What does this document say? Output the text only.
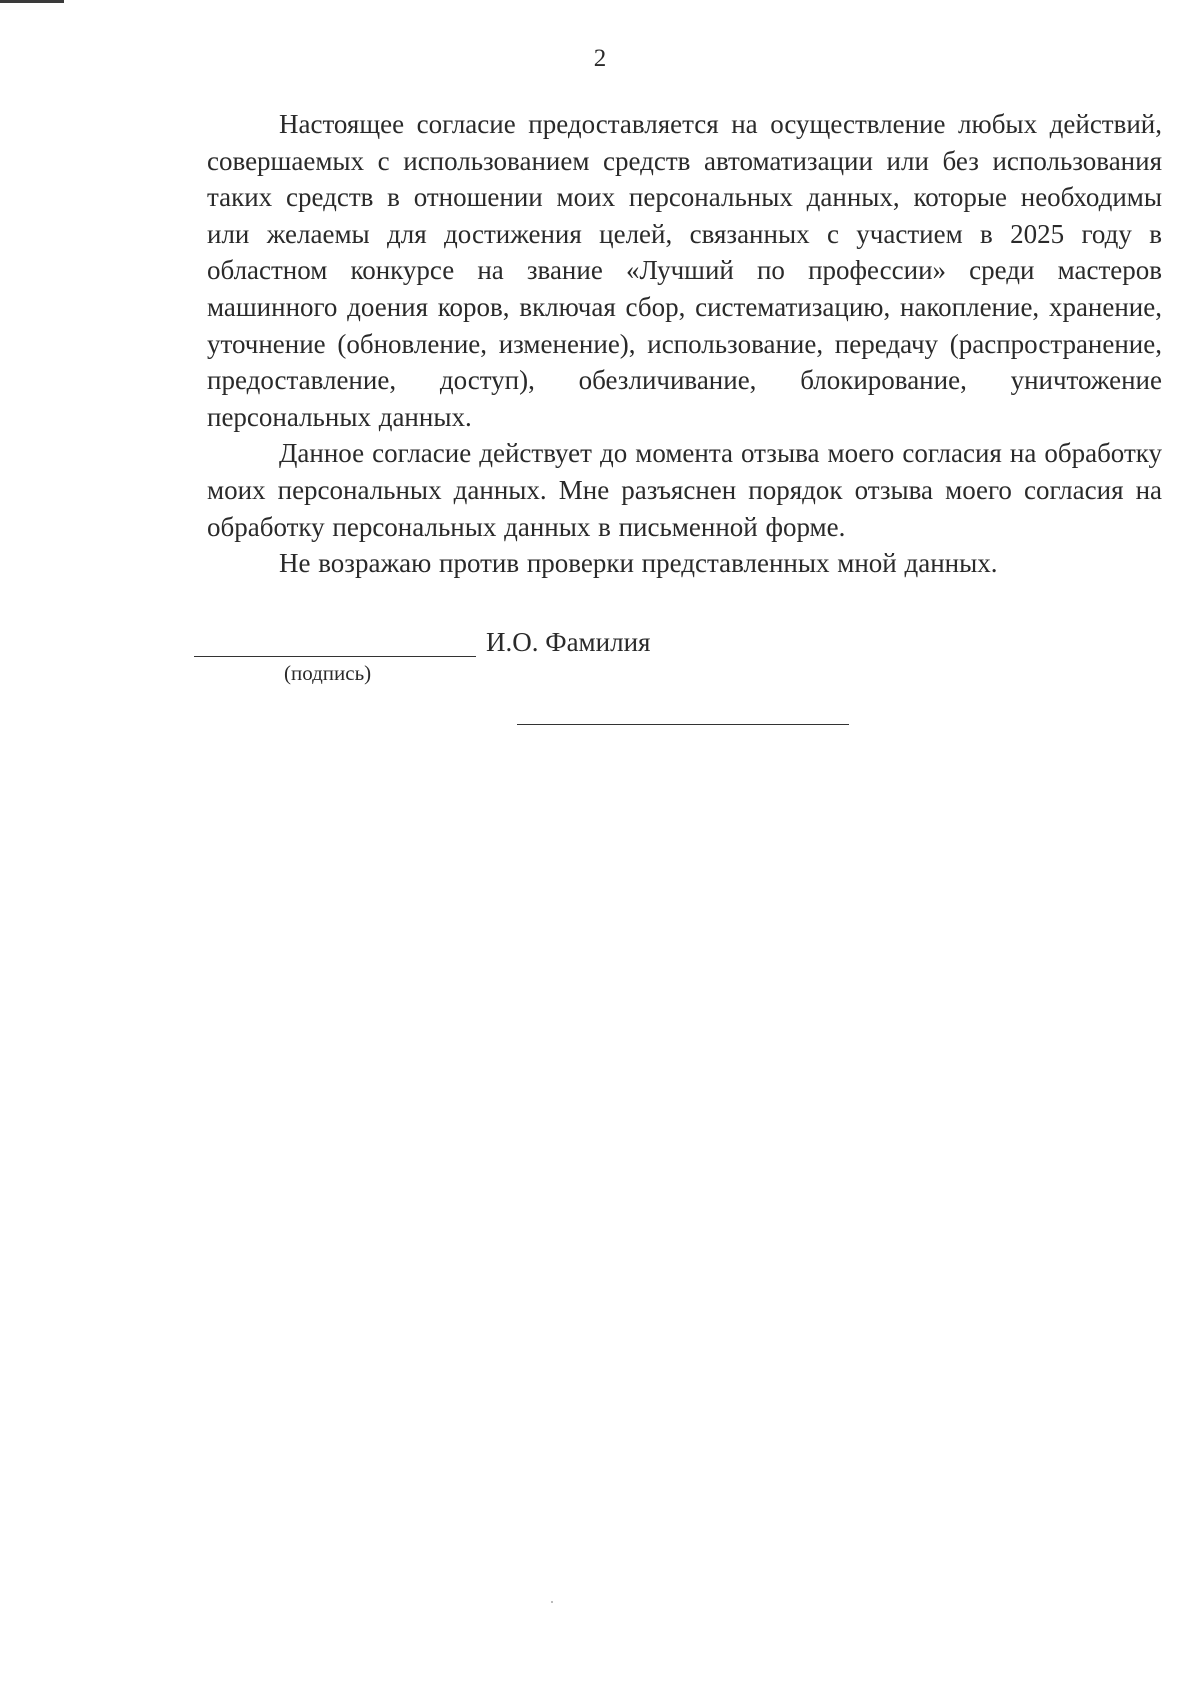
2

Настоящее согласие предоставляется на осуществление любых действий, совершаемых с использованием средств автоматизации или без использования таких средств в отношении моих персональных данных, которые необходимы или желаемы для достижения целей, связанных с участием в 2025 году в областном конкурсе на звание «Лучший по профессии» среди мастеров машинного доения коров, включая сбор, систематизацию, накопление, хранение, уточнение (обновление, изменение), использование, передачу (распространение, предоставление, доступ), обезличивание, блокирование, уничтожение персональных данных.

Данное согласие действует до момента отзыва моего согласия на обработку моих персональных данных. Мне разъяснен порядок отзыва моего согласия на обработку персональных данных в письменной форме.

Не возражаю против проверки представленных мной данных.

И.О. Фамилия
(подпись)
